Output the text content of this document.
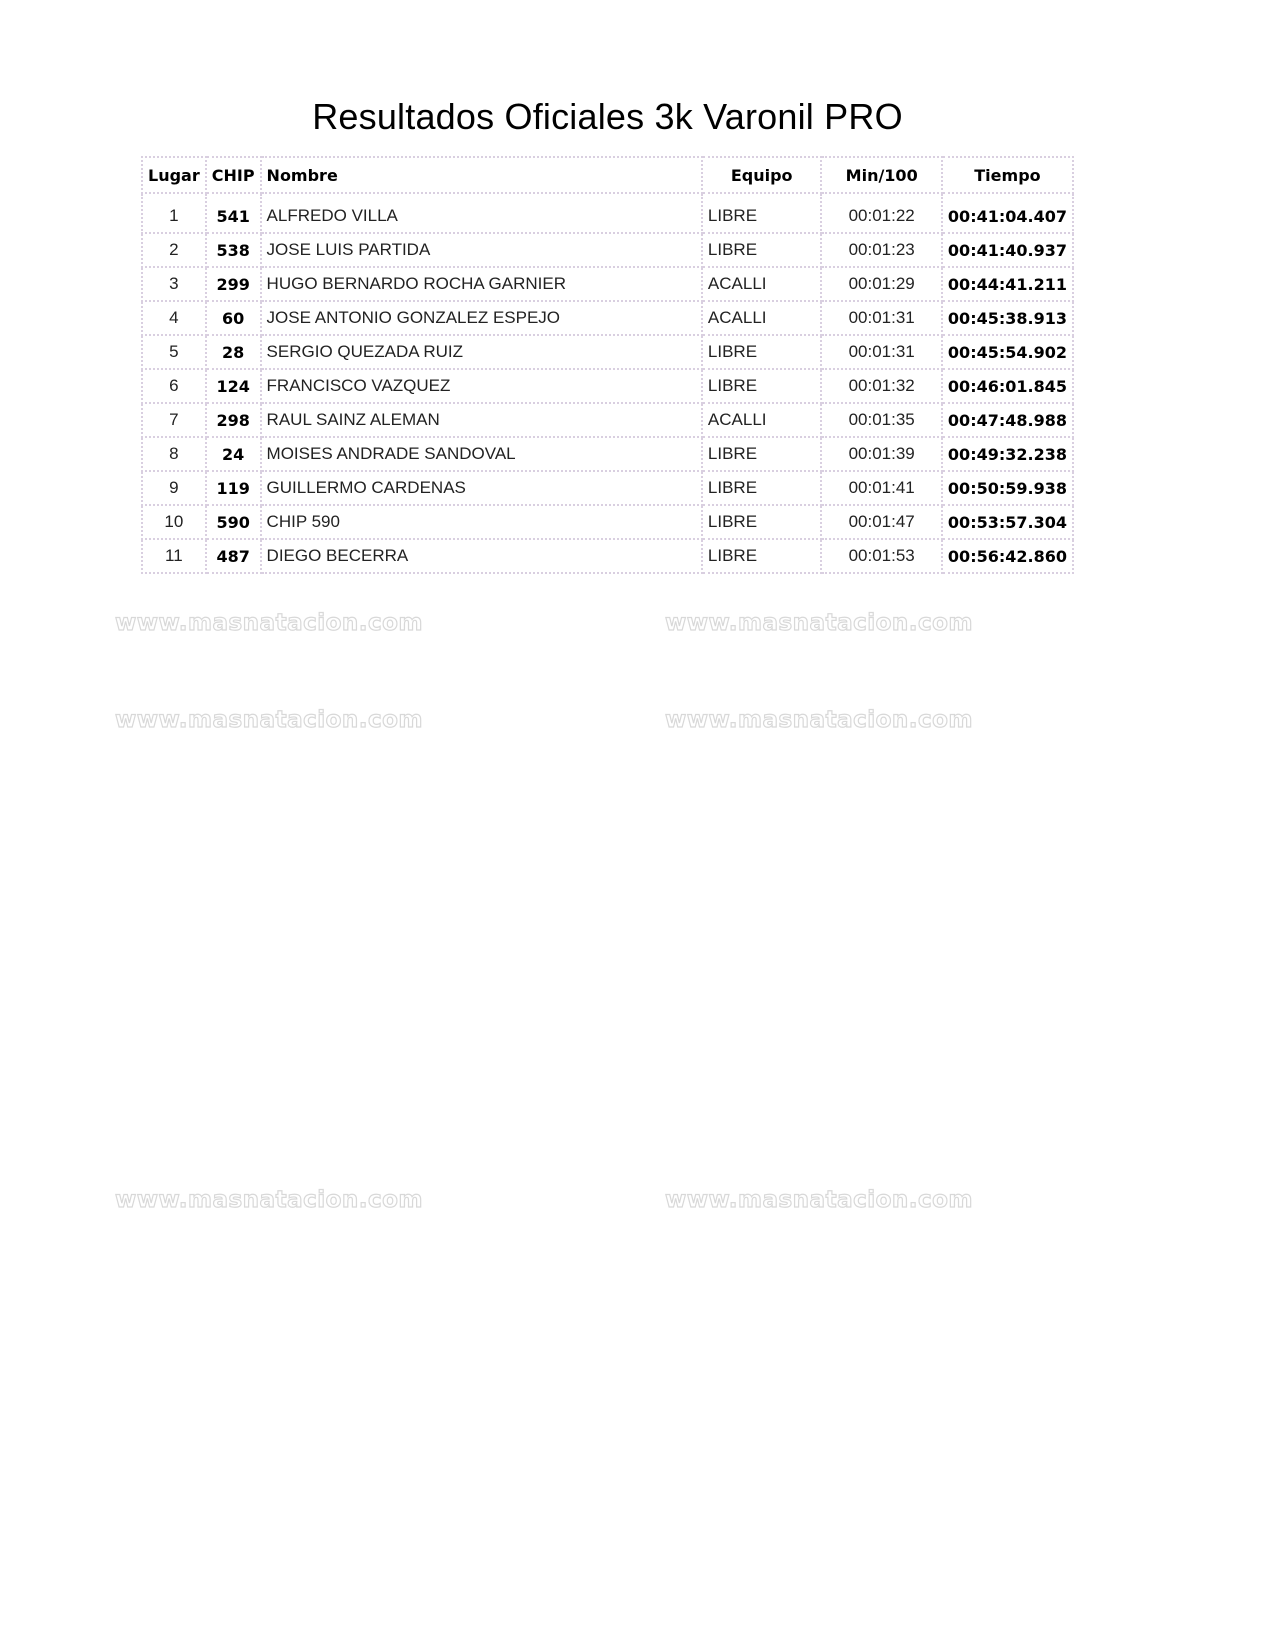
Resultados Oficiales 3k Varonil PRO
Lugar	CHIP	Nombre	Equipo	Min/100	Tiempo
1	541	ALFREDO VILLA	LIBRE	00:01:22	00:41:04.407
2	538	JOSE LUIS PARTIDA	LIBRE	00:01:23	00:41:40.937
3	299	HUGO BERNARDO ROCHA GARNIER	ACALLI	00:01:29	00:44:41.211
4	60	JOSE ANTONIO GONZALEZ ESPEJO	ACALLI	00:01:31	00:45:38.913
5	28	SERGIO QUEZADA RUIZ	LIBRE	00:01:31	00:45:54.902
6	124	FRANCISCO VAZQUEZ	LIBRE	00:01:32	00:46:01.845
7	298	RAUL SAINZ ALEMAN	ACALLI	00:01:35	00:47:48.988
8	24	MOISES ANDRADE SANDOVAL	LIBRE	00:01:39	00:49:32.238
9	119	GUILLERMO CARDENAS	LIBRE	00:01:41	00:50:59.938
10	590	CHIP 590	LIBRE	00:01:47	00:53:57.304
11	487	DIEGO BECERRA	LIBRE	00:01:53	00:56:42.860
www.masnatacion.com	www.masnatacion.com
www.masnatacion.com	www.masnatacion.com
www.masnatacion.com	www.masnatacion.com
